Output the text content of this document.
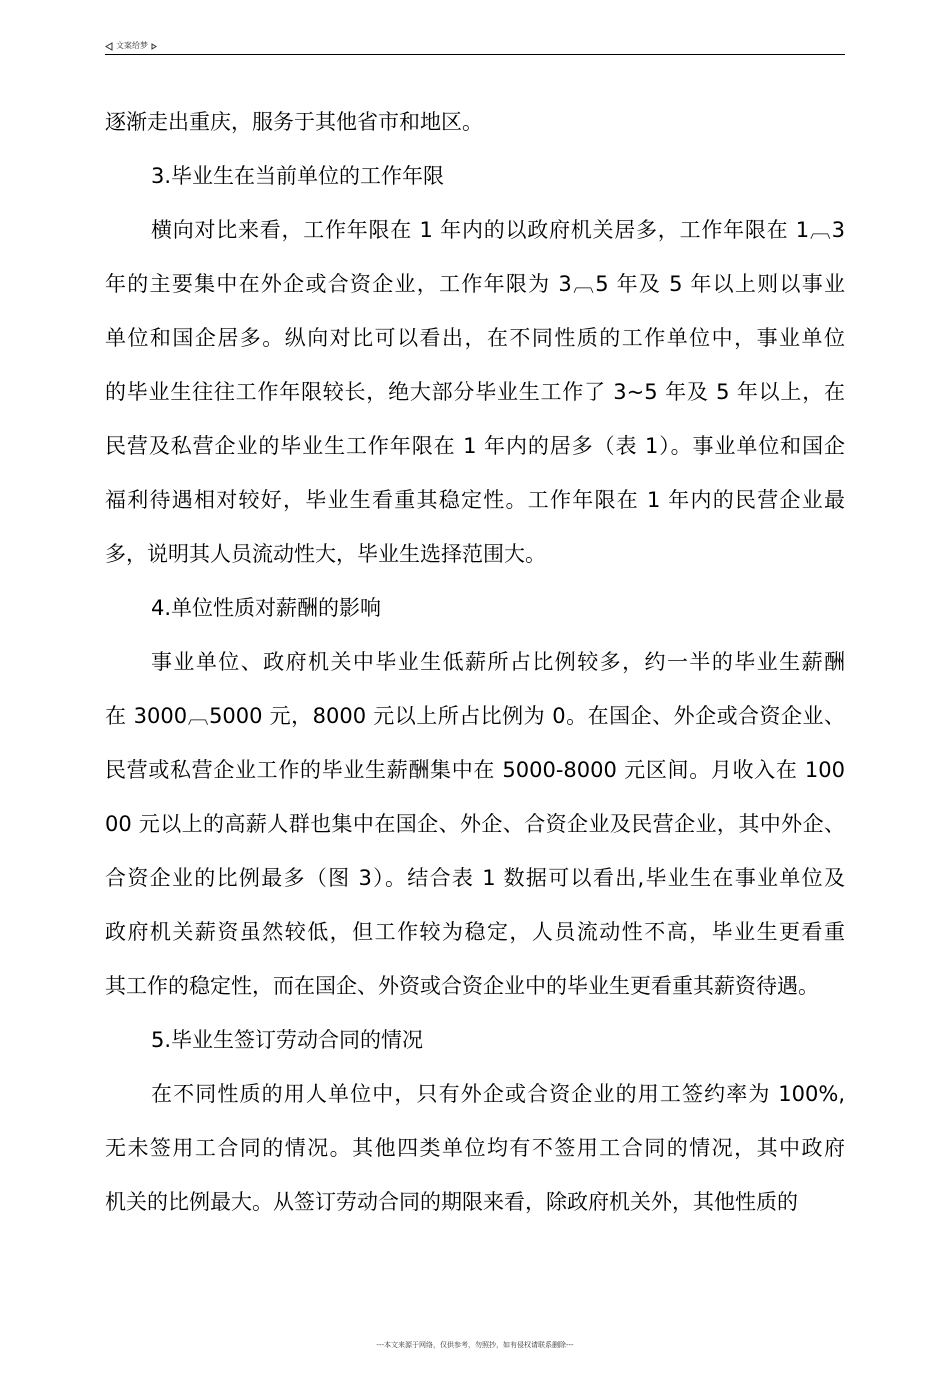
文案给梦
逐渐走出重庆，服务于其他省市和地区。
3.毕业生在当前单位的工作年限
横向对比来看，工作年限在 1 年内的以政府机关居多，工作年限在 1︹3
年的主要集中在外企或合资企业，工作年限为 3︹5 年及 5 年以上则以事业
单位和国企居多。纵向对比可以看出，在不同性质的工作单位中，事业单位
的毕业生往往工作年限较长，绝大部分毕业生工作了 3~5 年及 5 年以上，在
民营及私营企业的毕业生工作年限在 1 年内的居多（表 1）。事业单位和国企
福利待遇相对较好，毕业生看重其稳定性。工作年限在 1 年内的民营企业最
多，说明其人员流动性大，毕业生选择范围大。
4.单位性质对薪酬的影响
事业单位、政府机关中毕业生低薪所占比例较多，约一半的毕业生薪酬
在 3000︹5000 元，8000 元以上所占比例为 0。在国企、外企或合资企业、
民营或私营企业工作的毕业生薪酬集中在 5000-8000 元区间。月收入在 100
00 元以上的高薪人群也集中在国企、外企、合资企业及民营企业，其中外企、
合资企业的比例最多（图 3）。结合表 1 数据可以看出,毕业生在事业单位及
政府机关薪资虽然较低，但工作较为稳定，人员流动性不高，毕业生更看重
其工作的稳定性，而在国企、外资或合资企业中的毕业生更看重其薪资待遇。
5.毕业生签订劳动合同的情况
在不同性质的用人单位中，只有外企或合资企业的用工签约率为 100%,
无未签用工合同的情况。其他四类单位均有不签用工合同的情况，其中政府
机关的比例最大。从签订劳动合同的期限来看，除政府机关外，其他性质的
---本文来源于网络，仅供参考，勿照抄，如有侵权请联系删除---
